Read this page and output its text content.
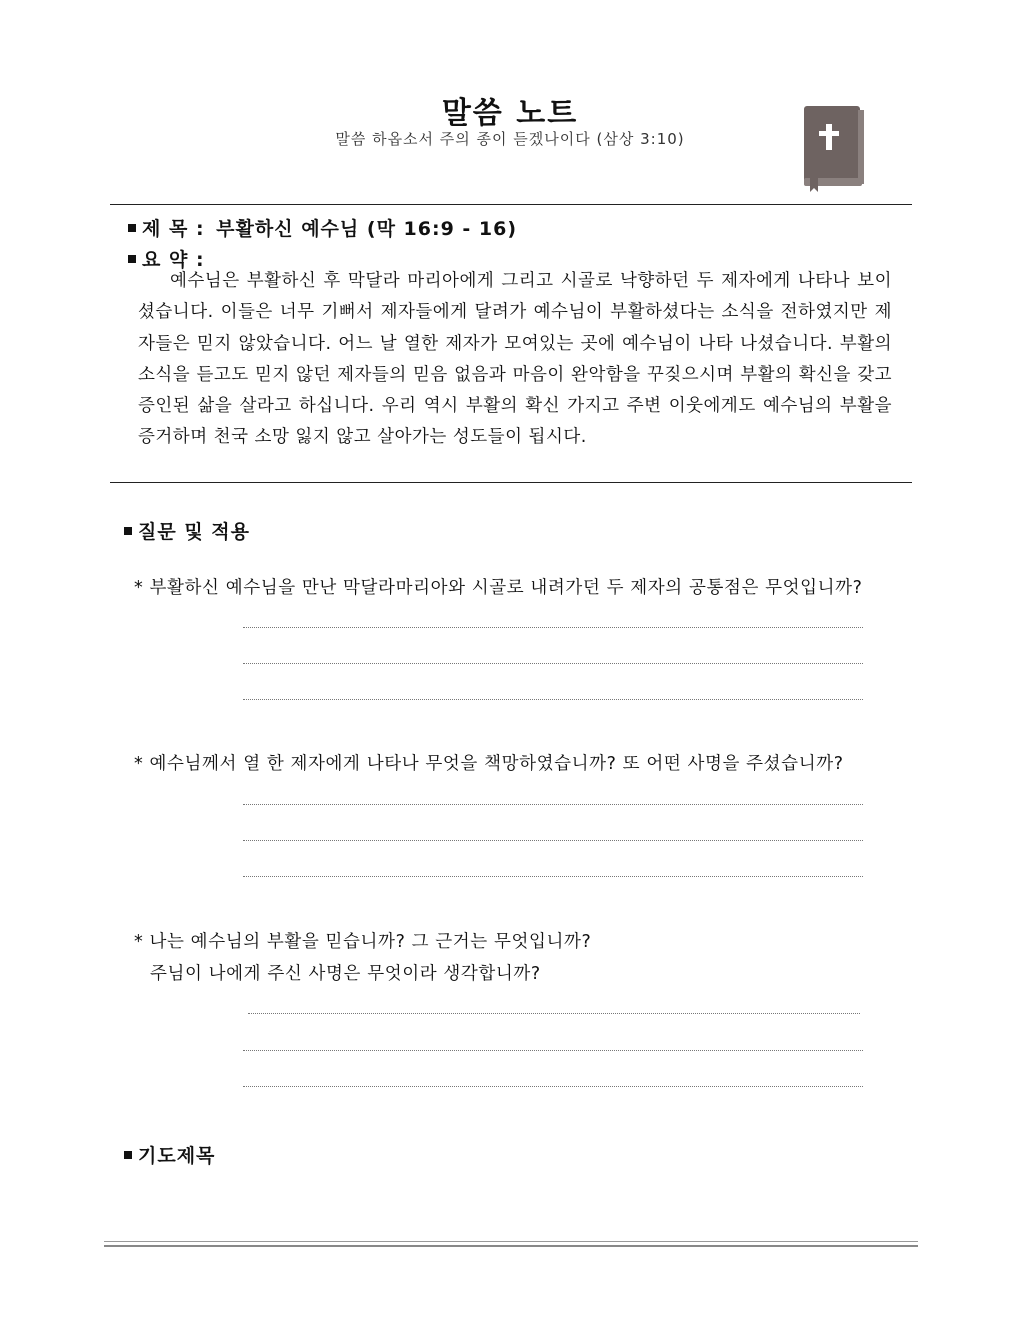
말씀 노트
말씀 하옵소서 주의 종이 듣겠나이다 (삼상 3:10)
제 목 : 부활하신 예수님 (막 16:9 - 16)
요 약 :
예수님은 부활하신 후 막달라 마리아에게 그리고 시골로 낙향하던 두 제자에게 나타나 보이셨습니다. 이들은 너무 기뻐서 제자들에게 달려가 예수님이 부활하셨다는 소식을 전하였지만 제자들은 믿지 않았습니다. 어느 날 열한 제자가 모여있는 곳에 예수님이 나타 나셨습니다. 부활의 소식을 듣고도 믿지 않던 제자들의 믿음 없음과 마음이 완악함을 꾸짖으시며 부활의 확신을 갖고 증인된 삶을 살라고 하십니다. 우리 역시 부활의 확신 가지고 주변 이웃에게도 예수님의 부활을 증거하며 천국 소망 잃지 않고 살아가는 성도들이 됩시다.
질문 및 적용
* 부활하신 예수님을 만난 막달라마리아와 시골로 내려가던 두 제자의 공통점은 무엇입니까?
* 예수님께서 열 한 제자에게 나타나 무엇을 책망하였습니까? 또 어떤 사명을 주셨습니까?
* 나는 예수님의 부활을 믿습니까? 그 근거는 무엇입니까?
주님이 나에게 주신 사명은 무엇이라 생각합니까?
기도제목
